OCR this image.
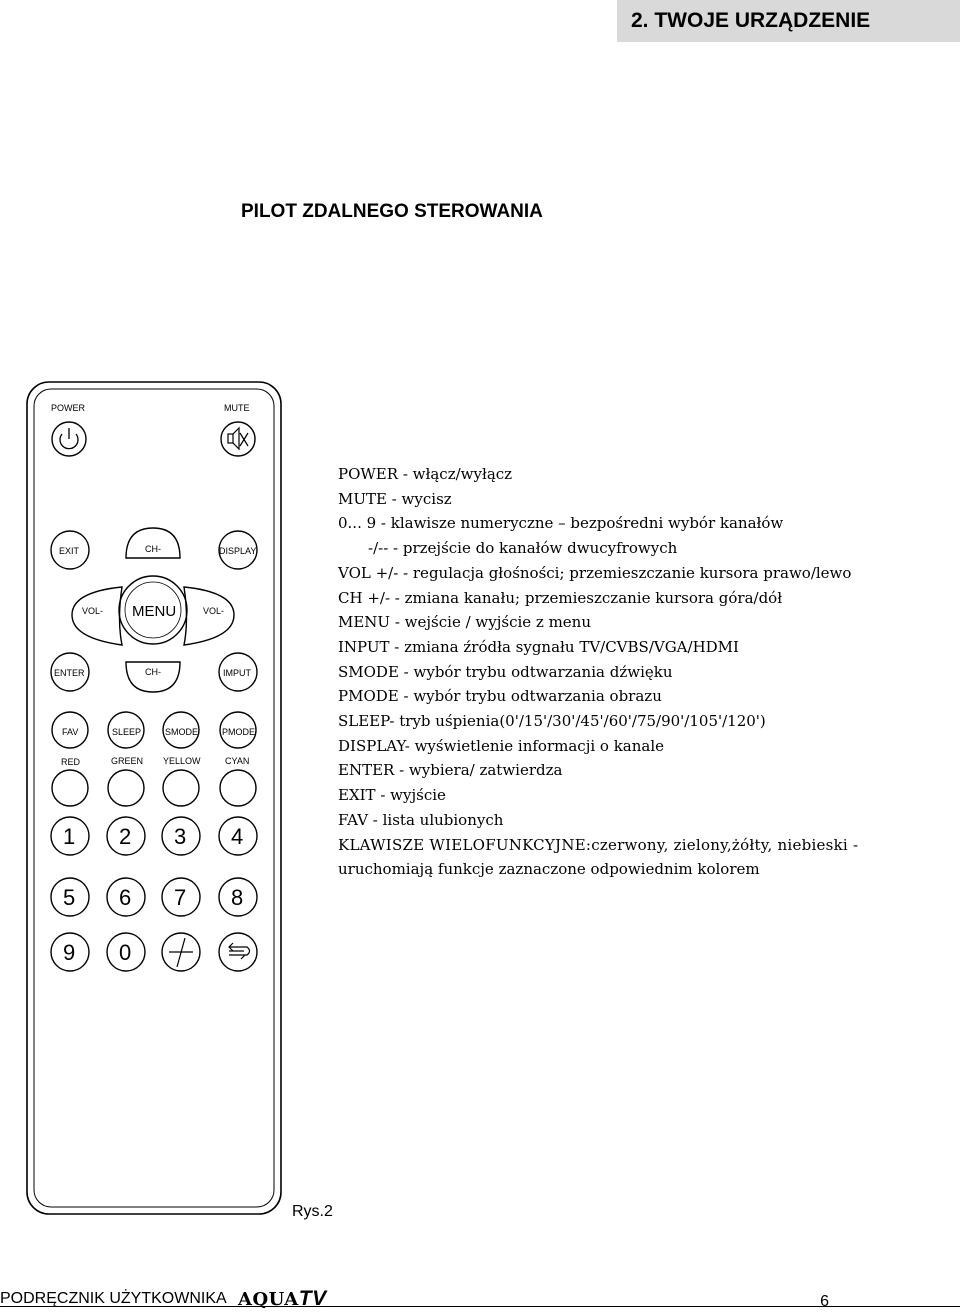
2. TWOJE URZĄDZENIE
PILOT ZDALNEGO STEROWANIA
POWER	MUTE
EXIT	CH-	DISPLAY
VOL- MENU	VOL-
ENTER	CH-	IMPUT
FAV	SLEEP	SMODE	PMODE
RED	GREEN YELLOW	CYAN
1 2 3 4
5 6 7 8
9 0
POWER - włącz/wyłącz
MUTE - wycisz
0... 9 - klawisze numeryczne – bezpośredni wybór kanałów
-/-- - przejście do kanałów dwucyfrowych
VOL +/- - regulacja głośności; przemieszczanie kursora prawo/lewo
CH +/- - zmiana kanału; przemieszczanie kursora góra/dół
MENU - wejście / wyjście z menu
INPUT - zmiana źródła sygnału TV/CVBS/VGA/HDMI
SMODE - wybór trybu odtwarzania dźwięku
PMODE - wybór trybu odtwarzania obrazu
SLEEP- tryb uśpienia(0'/15'/30'/45'/60'/75/90'/105'/120')
DISPLAY- wyświetlenie informacji o kanale
ENTER - wybiera/ zatwierdza
EXIT - wyjście
FAV - lista ulubionych
KLAWISZE WIELOFUNKCYJNE:czerwony, zielony,żółty, niebieski -
uruchomiają funkcje zaznaczone odpowiednim kolorem
Rys.2
PODRĘCZNIK UŻYTKOWNIKA AQUATV	6
